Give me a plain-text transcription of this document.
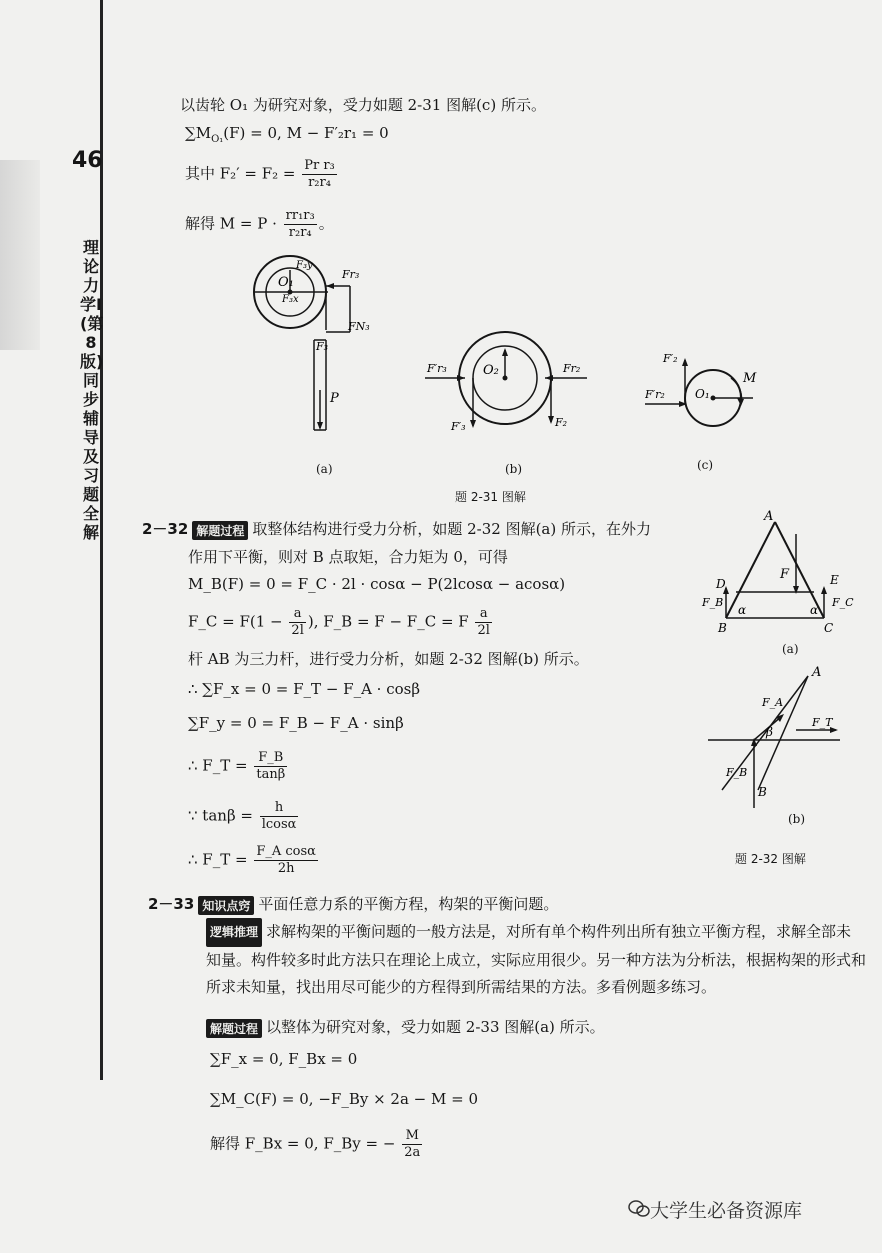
46
理论力学I(第8版)同步辅导及习题全解
以齿轮 O₁ 为研究对象，受力如题 2-31 图解(c) 所示。
$\sum M_{O_1}(F) = 0$, M − F′₂r₁ = 0
其中 $F_2' = F_2 = \frac{\text{Pr r₃}}{\text{r₂r₄}}$
解得 $M = P \cdot \frac{\text{rr₁r₃}}{\text{r₂r₄}}$ 。
O₁
F₃y
F₃x
Fr₃
FN₃
F₃
P
F′r₃	O₂	Fr₂
F′₃	F₂
F′₂
F′r₂	O₁
M
(a)	(b)	(c)
题 2-31 图解
2－32 解题过程 取整体结构进行受力分析，如题 2-32 图解(a) 所示，在外力
作用下平衡，则对 B 点取矩，合力矩为 0，可得
M_B(F) = 0 = F_C · 2l · cosα − P(2lcosα − acosα)
F_C = $F(1 - \frac{a}{2l}$ ), F_B = F − F_C = F $\frac{a}{2l}$
杆 AB 为三力杆，进行受力分析，如题 2-32 图解(b) 所示。
∴ ∑F_x = 0 = F_T − F_A · cosβ
∑F_y = 0 = F_B − F_A · sinβ
∴ F_T = $\frac{F\_B}{\tan\beta}$
∵ $\tan\beta = \frac{h}{lcos\alpha}$
∴ F_T = $\frac{\text{F\_A cosα}}{2h}$
A
F
D	E
F_B	F_C
α	α
B	C
(a)
A
F_A
β
F_T
F_B
B
(b)
题 2-32 图解
2－33 知识点窍 平面任意力系的平衡方程，构架的平衡问题。
逻辑推理 求解构架的平衡问题的一般方法是，对所有单个构件列出所有独立平衡方程，求解全部未知量。构件较多时此方法只在理论上成立，实际应用很少。另一种方法为分析法，根据构架的形式和所求未知量，找出用尽可能少的方程得到所需结果的方法。多看例题多练习。
解题过程 以整体为研究对象，受力如题 2-33 图解(a) 所示。
∑F_x = 0, F_Bx = 0
∑M_C(F) = 0, −F_By × 2a − M = 0
解得 F_Bx = 0, F_By = − $\frac{M}{2a}$
大学生必备资源库
